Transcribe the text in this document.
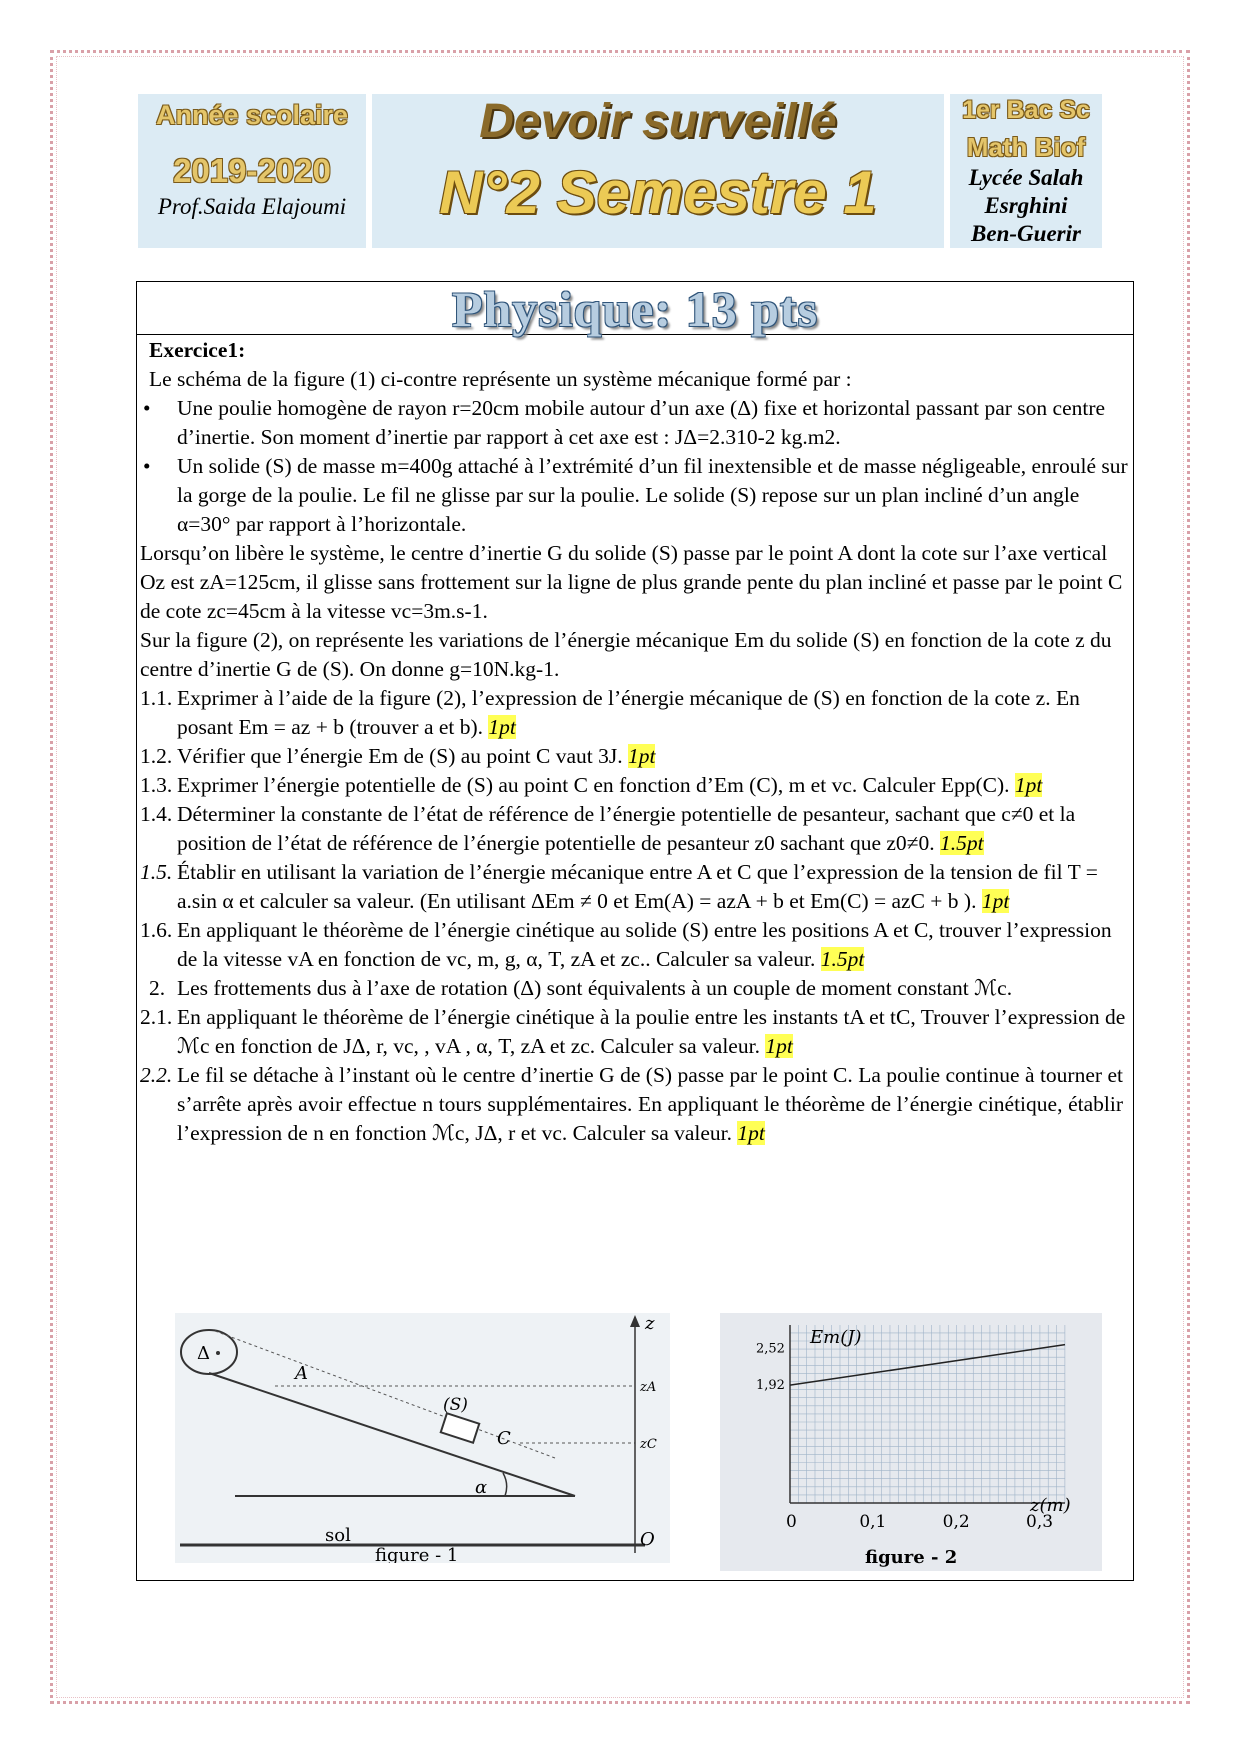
Année scolaire
2019-2020
Prof.Saida Elajoumi
Devoir surveillé
N°2 Semestre 1
1er Bac Sc
Math Biof
Lycée Salah
Esrghini
Ben-Guerir
Physique: 13 pts

Exercice1:

Le schéma de la figure (1) ci-contre représente un système mécanique formé par :

• Une poulie homogène de rayon r=20cm mobile autour d’un axe (Δ) fixe et horizontal passant par son centre d’inertie. Son moment d’inertie par rapport à cet axe est : JΔ=2.310-2 kg.m2.

• Un solide (S) de masse m=400g attaché à l’extrémité d’un fil inextensible et de masse négligeable, enroulé sur la gorge de la poulie. Le fil ne glisse par sur la poulie. Le solide (S) repose sur un plan incliné d’un angle α=30° par rapport à l’horizontale.

Lorsqu’on libère le système, le centre d’inertie G du solide (S) passe par le point A dont la cote sur l’axe vertical Oz est zA=125cm, il glisse sans frottement sur la ligne de plus grande pente du plan incliné et passe par le point C de cote zc=45cm à la vitesse vc=3m.s-1.

Sur la figure (2), on représente les variations de l’énergie mécanique Em du solide (S) en fonction de la cote z du centre d’inertie G de (S). On donne g=10N.kg-1.

1.1. Exprimer à l’aide de la figure (2), l’expression de l’énergie mécanique de (S) en fonction de la cote z. En posant Em = az + b (trouver a et b). 1pt
1.2. Vérifier que l’énergie Em de (S) au point C vaut 3J. 1pt
1.3. Exprimer l’énergie potentielle de (S) au point C en fonction d’Em (C), m et vc. Calculer Epp(C). 1pt
1.4. Déterminer la constante de l’état de référence de l’énergie potentielle de pesanteur, sachant que c≠0 et la position de l’état de référence de l’énergie potentielle de pesanteur z0 sachant que z0≠0. 1.5pt
1.5. Établir en utilisant la variation de l’énergie mécanique entre A et C que l’expression de la tension de fil T = a.sin α et calculer sa valeur. (En utilisant ΔEm ≠ 0 et Em(A) = azA + b et Em(C) = azC + b ). 1pt
1.6. En appliquant le théorème de l’énergie cinétique au solide (S) entre les positions A et C, trouver l’expression de la vitesse vA en fonction de vc, m, g, α, T, zA et zc.. Calculer sa valeur. 1.5pt
2. Les frottements dus à l’axe de rotation (Δ) sont équivalents à un couple de moment constant ℳc.
2.1. En appliquant le théorème de l’énergie cinétique à la poulie entre les instants tA et tC, Trouver l’expression de ℳc en fonction de JΔ, r, vc, , vA , α, T, zA et zc. Calculer sa valeur. 1pt
2.2. Le fil se détache à l’instant où le centre d’inertie G de (S) passe par le point C. La poulie continue à tourner et s’arrête après avoir effectue n tours supplémentaires. En appliquant le théorème de l’énergie cinétique, établir l’expression de n en fonction ℳc, JΔ, r et vc. Calculer sa valeur. 1pt
Δ
A
(S)
C
α
z
zA
zC
O
sol
figure - 1
Em(J)
z(m)
2,52
1,92
0	0,1	0,2	0,3
figure - 2
